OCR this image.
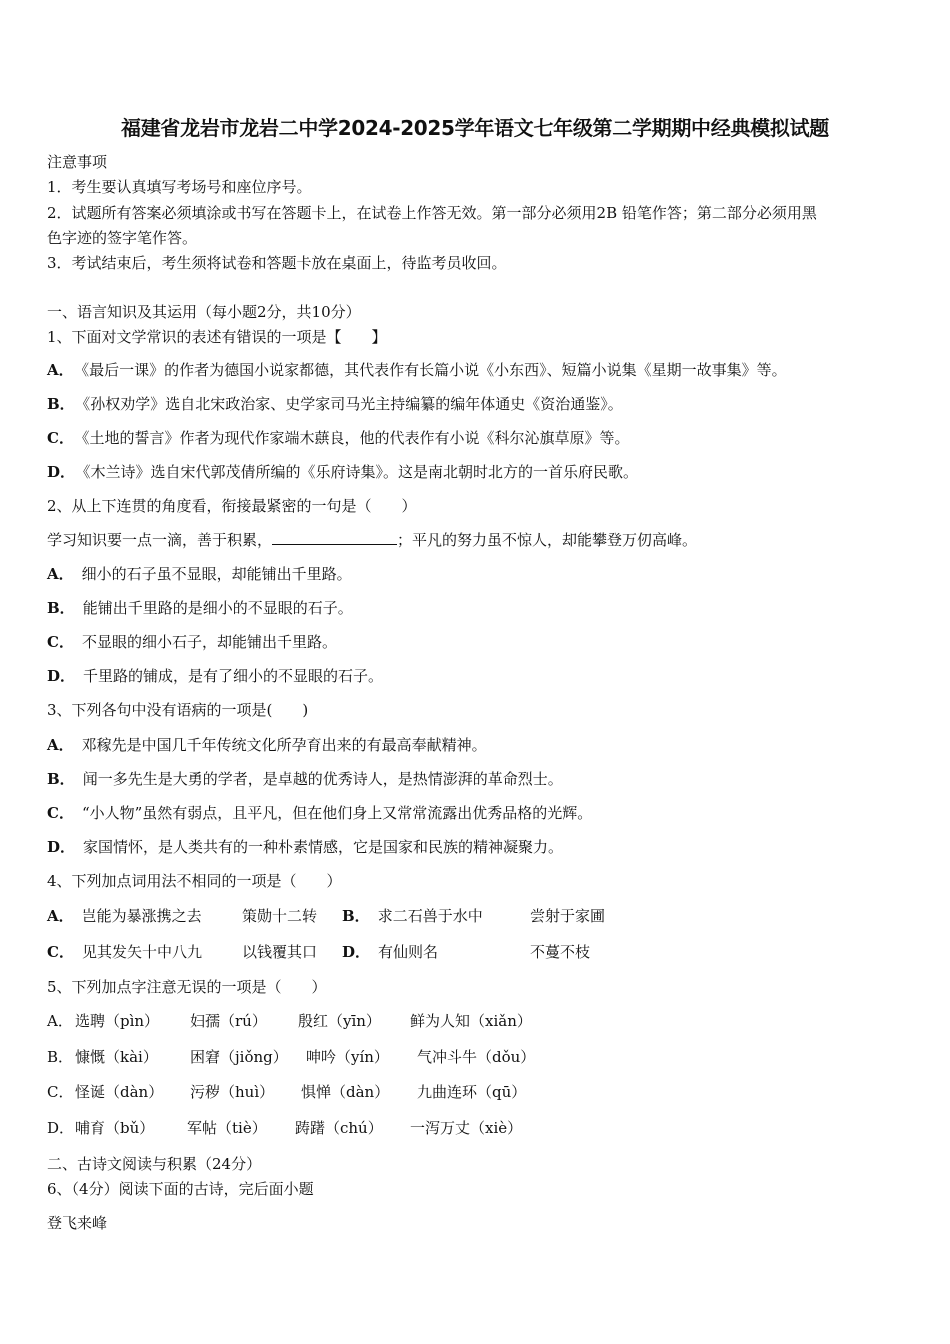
福建省龙岩市龙岩二中学2024-2025学年语文七年级第二学期期中经典模拟试题
注意事项
1．考生要认真填写考场号和座位序号。
2．试题所有答案必须填涂或书写在答题卡上，在试卷上作答无效。第一部分必须用2B 铅笔作答；第二部分必须用黑
色字迹的签字笔作答。
3．考试结束后，考生须将试卷和答题卡放在桌面上，待监考员收回。
一、语言知识及其运用（每小题2分，共10分）
1、下面对文学常识的表述有错误的一项是【　　】
A． 《最后一课》的作者为德国小说家都德，其代表作有长篇小说《小东西》、短篇小说集《星期一故事集》等。
B． 《孙权劝学》选自北宋政治家、史学家司马光主持编纂的编年体通史《资治通鉴》。
C． 《土地的誓言》作者为现代作家端木蕻良，他的代表作有小说《科尔沁旗草原》等。
D． 《木兰诗》选自宋代郭茂倩所编的《乐府诗集》。这是南北朝时北方的一首乐府民歌。
2、从上下连贯的角度看，衔接最紧密的一句是（　　）
学习知识要一点一滴，善于积累，	；平凡的努力虽不惊人，却能攀登万仞高峰。
A． 细小的石子虽不显眼，却能铺出千里路。
B． 能铺出千里路的是细小的不显眼的石子。
C． 不显眼的细小石子，却能铺出千里路。
D． 千里路的铺成，是有了细小的不显眼的石子。
3、下列各句中没有语病的一项是(　　)
A． 邓稼先是中国几千年传统文化所孕育出来的有最高奉献精神。
B． 闻一多先生是大勇的学者，是卓越的优秀诗人，是热情澎湃的革命烈士。
C． “小人物”虽然有弱点，且平凡，但在他们身上又常常流露出优秀品格的光辉。
D． 家国情怀，是人类共有的一种朴素情感，它是国家和民族的精神凝聚力。
4、下列加点词用法不相同的一项是（　　）
A． 岂能为暴涨携之去	策勋十二转 B． 求二石兽于水中	尝射于家圃
C． 见其发矢十中八九	以钱覆其口 D． 有仙则名	不蔓不枝
5、下列加点字注意无误的一项是（　　）
A． 选聘（pìn） 妇孺（rú） 殷红（yīn） 鲜为人知（xiǎn）
B． 慷慨（kài） 困窘（jiǒng） 呻吟（yín） 气冲斗牛（dǒu）
C． 怪诞（dàn） 污秽（huì） 惧惮（dàn） 九曲连环（qū）
D． 哺育（bǔ） 军帖（tiè） 踌躇（chú） 一泻万丈（xiè）
二、古诗文阅读与积累（24分）
6、（4分）阅读下面的古诗，完后面小题
登飞来峰
